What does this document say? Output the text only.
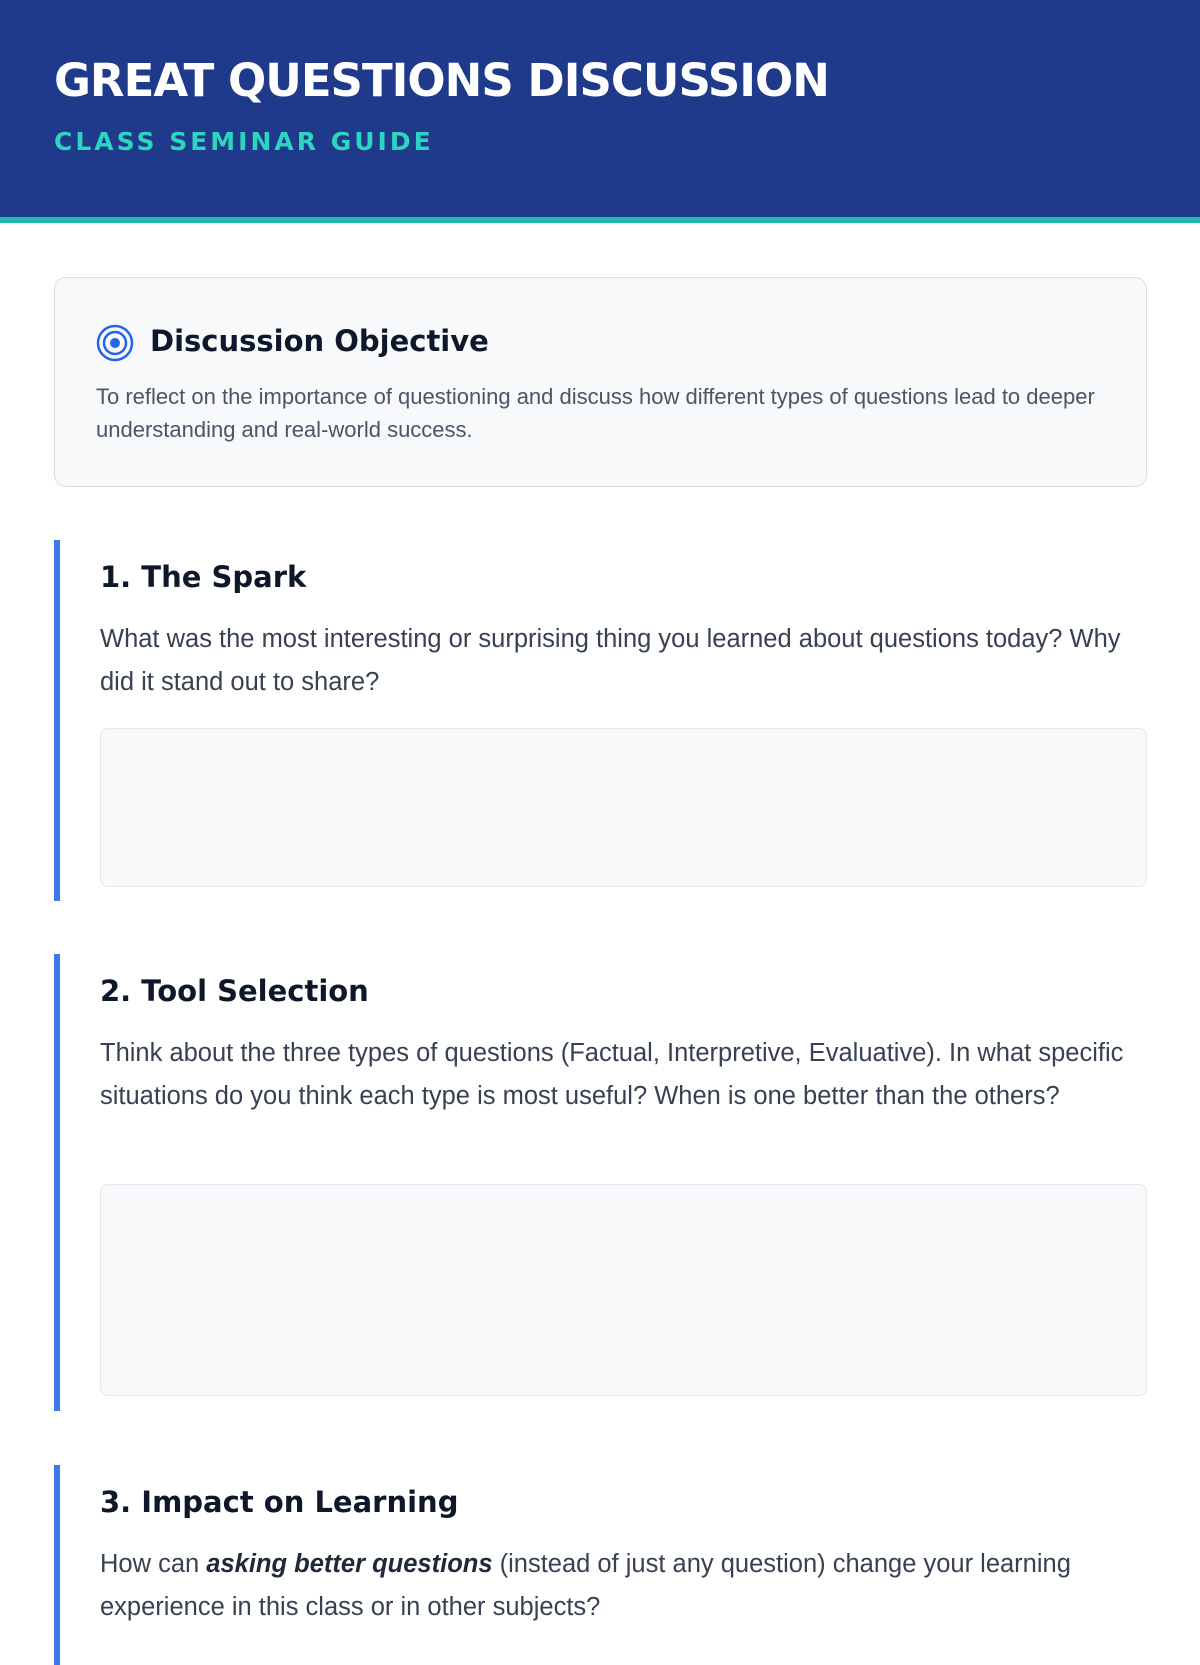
GREAT QUESTIONS DISCUSSION
CLASS SEMINAR GUIDE
Discussion Objective
To reflect on the importance of questioning and discuss how different types of questions lead to deeper understanding and real-world success.
1. The Spark
What was the most interesting or surprising thing you learned about questions today? Why did it stand out to share?
2. Tool Selection
Think about the three types of questions (Factual, Interpretive, Evaluative). In what specific situations do you think each type is most useful? When is one better than the others?
3. Impact on Learning
How can asking better questions (instead of just any question) change your learning experience in this class or in other subjects?
